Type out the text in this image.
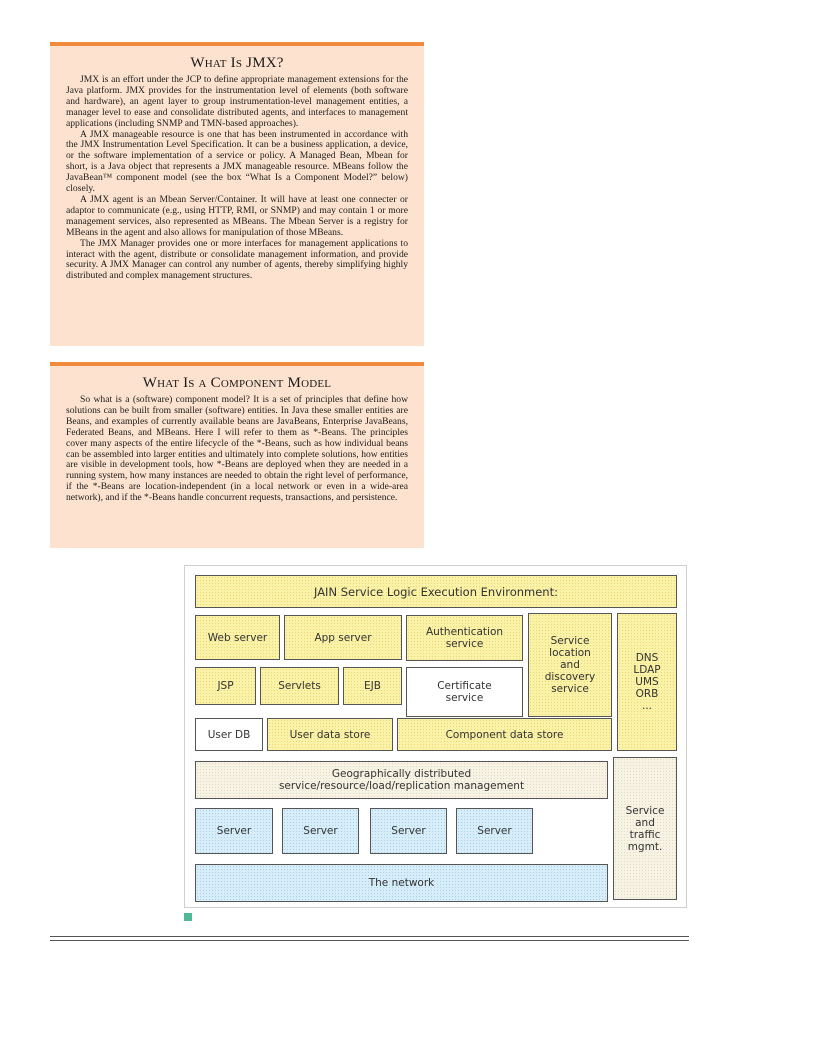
What Is JMX?

JMX is an effort under the JCP to define appropriate management extensions for the Java platform. JMX provides for the instrumentation level of elements (both software and hardware), an agent layer to group instrumentation-level management entities, a manager level to ease and consolidate distributed agents, and interfaces to management applications (including SNMP and TMN-based approaches).

A JMX manageable resource is one that has been instrumented in accordance with the JMX Instrumentation Level Specification. It can be a business application, a device, or the software implementation of a service or policy. A Managed Bean, Mbean for short, is a Java object that represents a JMX manageable resource. MBeans follow the JavaBean™ component model (see the box “What Is a Component Model?” below) closely.

A JMX agent is an Mbean Server/Container. It will have at least one connecter or adaptor to communicate (e.g., using HTTP, RMI, or SNMP) and may contain 1 or more management services, also represented as MBeans. The Mbean Server is a registry for MBeans in the agent and also allows for manipulation of those MBeans.

The JMX Manager provides one or more interfaces for management applications to interact with the agent, distribute or consolidate management information, and provide security. A JMX Manager can control any number of agents, thereby simplifying highly distributed and complex management structures.

What Is a Component Model

So what is a (software) component model? It is a set of principles that define how solutions can be built from smaller (software) entities. In Java these smaller entities are Beans, and examples of currently available beans are JavaBeans, Enterprise JavaBeans, Federated Beans, and MBeans. Here I will refer to them as *-Beans. The principles cover many aspects of the entire lifecycle of the *-Beans, such as how individual beans can be assembled into larger entities and ultimately into complete solutions, how entities are visible in development tools, how *-Beans are deployed when they are needed in a running system, how many instances are needed to obtain the right level of performance, if the *-Beans are location-independent (in a local network or even in a wide-area network), and if the *-Beans handle concurrent requests, transactions, and persistence.

JAIN Service Logic Execution Environment:
Web server	App server	Authentication
service	Service
location
and
discovery
service
DNS
LDAP
UMS
ORB
...
JSP	Servlets	EJB	Certificate
service
User DB	User data store	Component data store
Geographically distributed
service/resource/load/replication management
Service
and
traffic
mgmt.
Server	Server	Server	Server
The network
